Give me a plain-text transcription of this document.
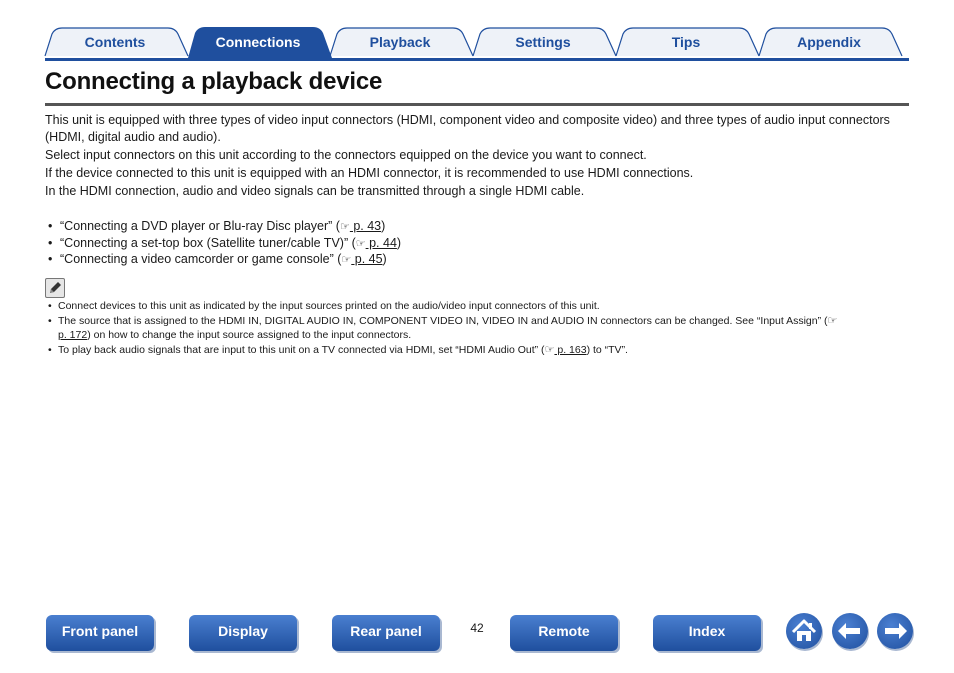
Contents	Connections	Playback	Settings	Tips	Appendix
Connecting a playback device

This unit is equipped with three types of video input connectors (HDMI, component video and composite video) and three types of audio input connectors (HDMI, digital audio and audio).

Select input connectors on this unit according to the connectors equipped on the device you want to connect.

If the device connected to this unit is equipped with an HDMI connector, it is recommended to use HDMI connections.

In the HDMI connection, audio and video signals can be transmitted through a single HDMI cable.

• “Connecting a DVD player or Blu-ray Disc player” (☞ p. 43)
• “Connecting a set-top box (Satellite tuner/cable TV)” (☞ p. 44)
• “Connecting a video camcorder or game console” (☞ p. 45)
• Connect devices to this unit as indicated by the input sources printed on the audio/video input connectors of this unit.
• The source that is assigned to the HDMI IN, DIGITAL AUDIO IN, COMPONENT VIDEO IN, VIDEO IN and AUDIO IN connectors can be changed. See “Input Assign” (☞ p. 172) on how to change the input source assigned to the input connectors.
• To play back audio signals that are input to this unit on a TV connected via HDMI, set “HDMI Audio Out” (☞ p. 163) to “TV”.
Front panel	Display	Rear panel	42	Remote	Index
